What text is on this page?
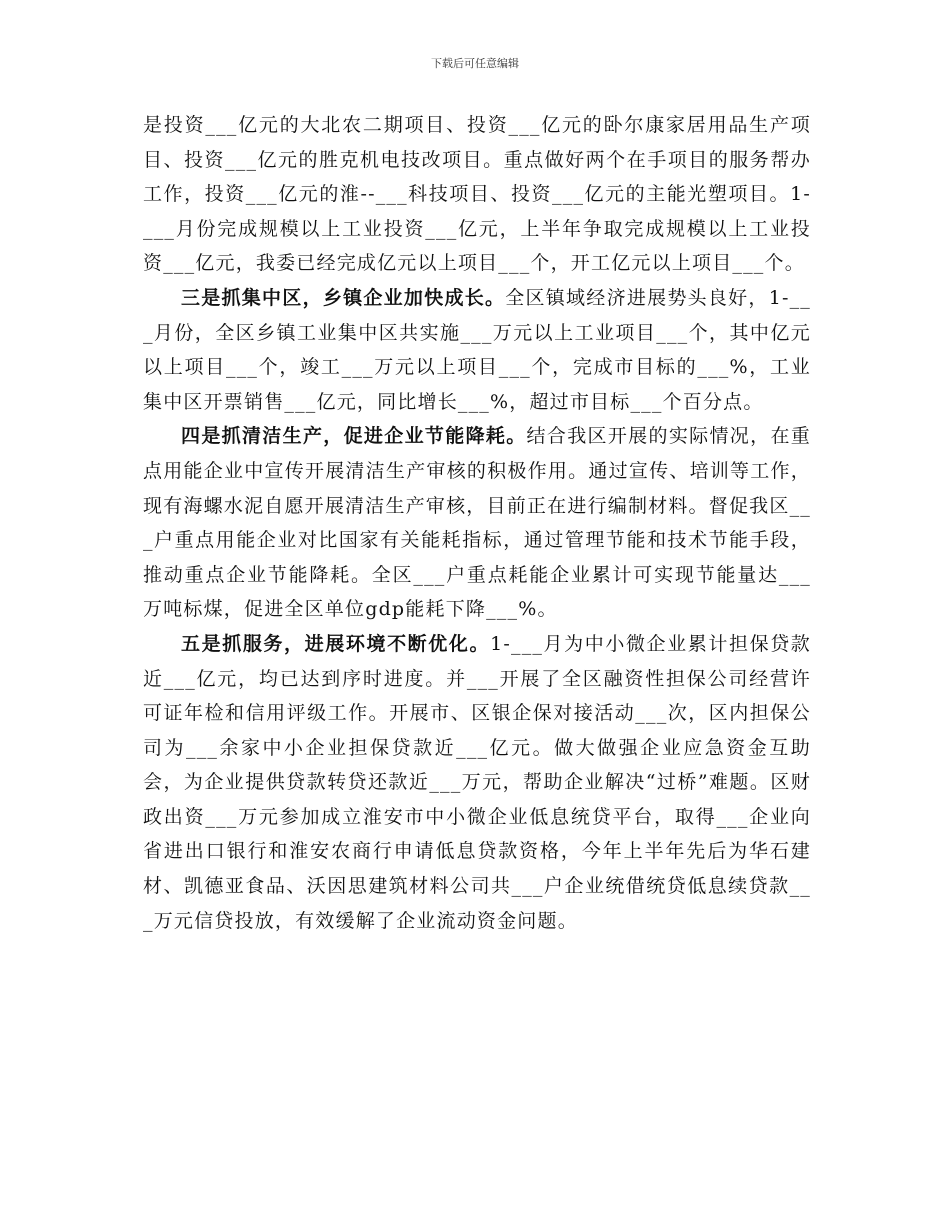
下载后可任意编辑

是投资___亿元的大北农二期项目、投资___亿元的卧尔康家居用品生产项目、投资___亿元的胜克机电技改项目。重点做好两个在手项目的服务帮办工作，投资___亿元的淮--___科技项目、投资___亿元的主能光塑项目。1-___月份完成规模以上工业投资___亿元，上半年争取完成规模以上工业投资___亿元，我委已经完成亿元以上项目___个，开工亿元以上项目___个。

三是抓集中区，乡镇企业加快成长。全区镇域经济进展势头良好，1-___月份，全区乡镇工业集中区共实施___万元以上工业项目___个，其中亿元以上项目___个，竣工___万元以上项目___个，完成市目标的___%，工业集中区开票销售___亿元，同比增长___%，超过市目标___个百分点。

四是抓清洁生产，促进企业节能降耗。结合我区开展的实际情况，在重点用能企业中宣传开展清洁生产审核的积极作用。通过宣传、培训等工作，现有海螺水泥自愿开展清洁生产审核，目前正在进行编制材料。督促我区___户重点用能企业对比国家有关能耗指标，通过管理节能和技术节能手段，推动重点企业节能降耗。全区___户重点耗能企业累计可实现节能量达___万吨标煤，促进全区单位gdp能耗下降___%。

五是抓服务，进展环境不断优化。1-___月为中小微企业累计担保贷款近___亿元，均已达到序时进度。并___开展了全区融资性担保公司经营许可证年检和信用评级工作。开展市、区银企保对接活动___次，区内担保公司为___余家中小企业担保贷款近___亿元。做大做强企业应急资金互助会，为企业提供贷款转贷还款近___万元，帮助企业解决“过桥”难题。区财政出资___万元参加成立淮安市中小微企业低息统贷平台，取得___企业向省进出口银行和淮安农商行申请低息贷款资格，今年上半年先后为华石建材、凯德亚食品、沃因思建筑材料公司共___户企业统借统贷低息续贷款___万元信贷投放，有效缓解了企业流动资金问题。
